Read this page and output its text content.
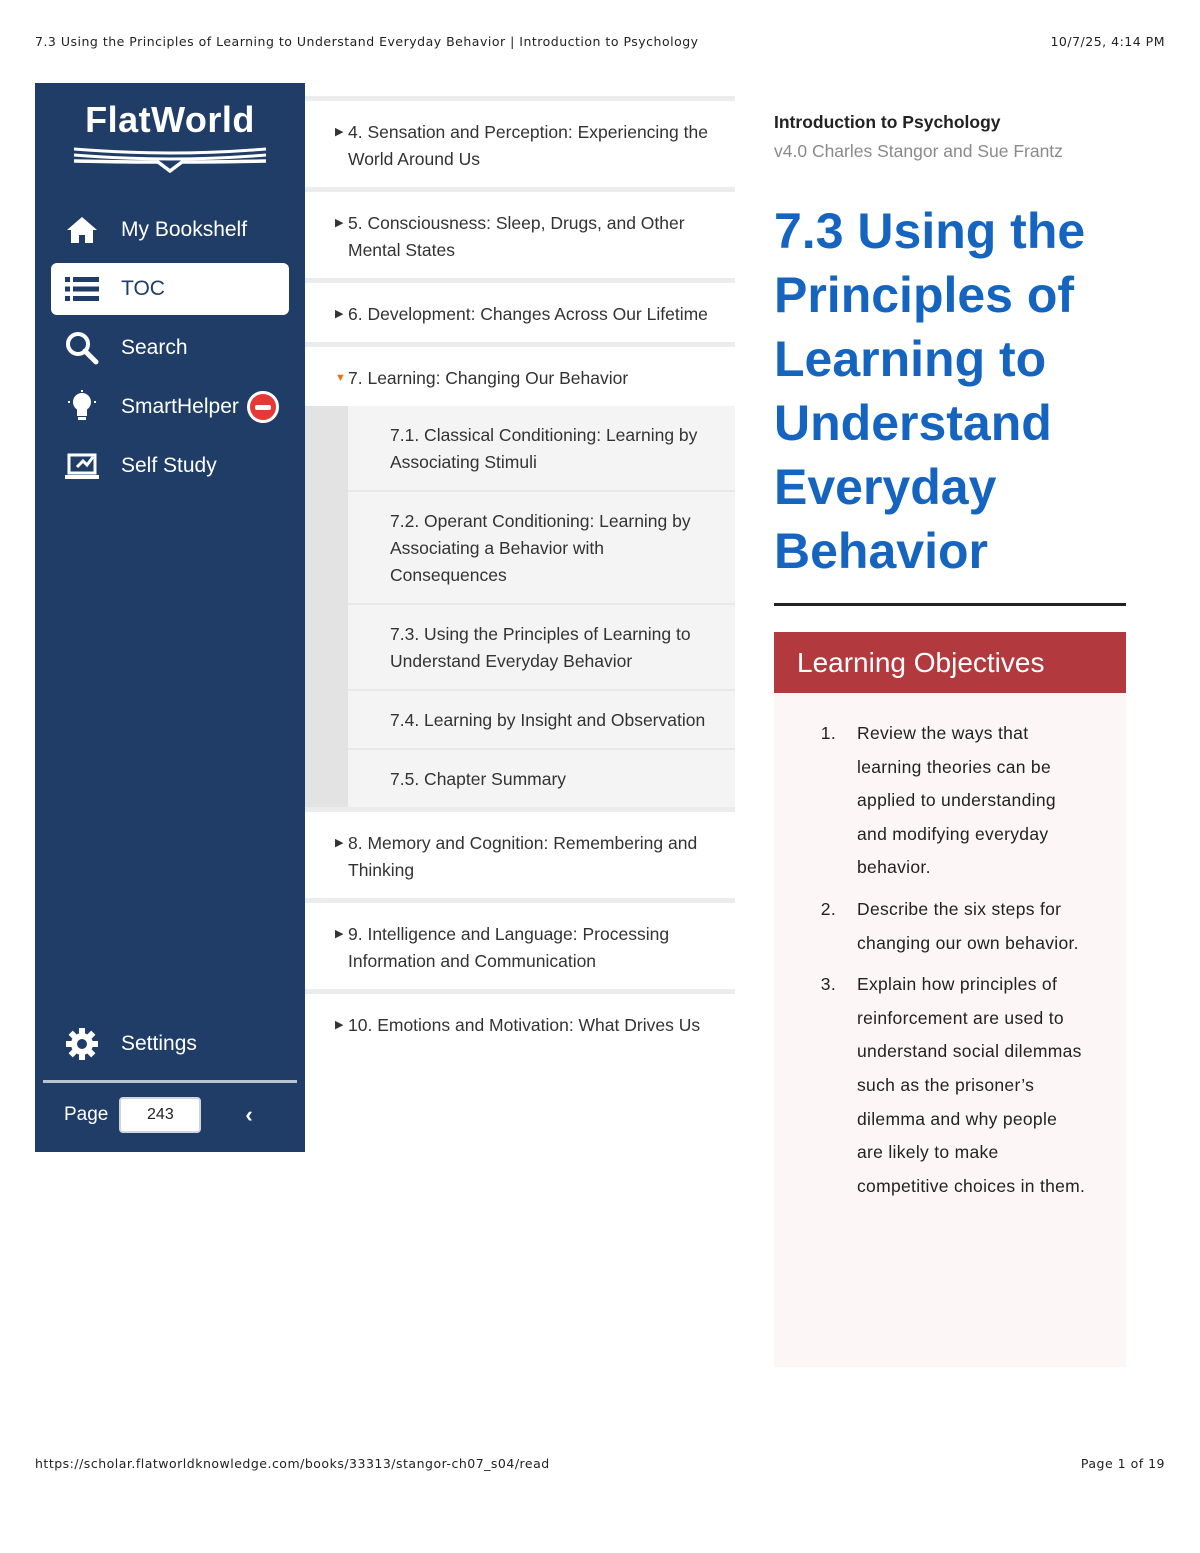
7.3 Using the Principles of Learning to Understand Everyday Behavior | Introduction to Psychology	10/7/25, 4:14 PM
FlatWorld
My Bookshelf
TOC
Search
SmartHelper
Self Study
Settings
Page
243	‹
▶ 4. Sensation and Perception: Experiencing the World Around Us
▶ 5. Consciousness: Sleep, Drugs, and Other Mental States
▶ 6. Development: Changes Across Our Lifetime
▼ 7. Learning: Changing Our Behavior
7.1. Classical Conditioning: Learning by Associating Stimuli
7.2. Operant Conditioning: Learning by Associating a Behavior with Consequences
7.3. Using the Principles of Learning to Understand Everyday Behavior
7.4. Learning by Insight and Observation
7.5. Chapter Summary
▶ 8. Memory and Cognition: Remembering and Thinking
▶ 9. Intelligence and Language: Processing Information and Communication
▶ 10. Emotions and Motivation: What Drives Us
Introduction to Psychology
v4.0 Charles Stangor and Sue Frantz
7.3 Using the Principles of Learning to Understand Everyday Behavior
Learning Objectives
1.	Review the ways that learning theories can be applied to understanding and modifying everyday behavior.
2.	Describe the six steps for changing our own behavior.
3.	Explain how principles of reinforcement are used to understand social dilemmas such as the prisoner’s dilemma and why people are likely to make competitive choices in them.
https://scholar.flatworldknowledge.com/books/33313/stangor-ch07_s04/read	Page 1 of 19
